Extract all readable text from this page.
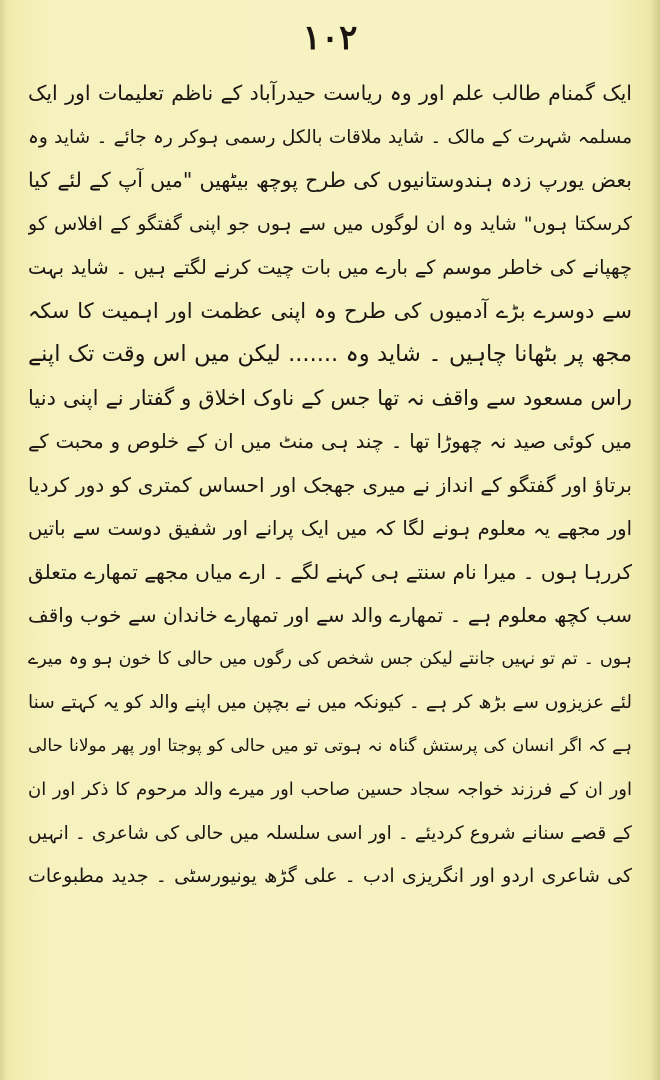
۱۰۲
ایک گمنام طالب علم اور وہ ریاست حیدرآباد کے ناظم تعلیمات اور ایک
مسلمہ شہرت کے مالک ۔ شاید ملاقات بالکل رسمی ہوکر رہ جائے ۔ شاید وہ
بعض یورپ زدہ ہندوستانیوں کی طرح پوچھ بیٹھیں "میں آپ کے لئے کیا
کرسکتا ہوں" شاید وہ ان لوگوں میں سے ہوں جو اپنی گفتگو کے افلاس کو
چھپانے کی خاطر موسم کے بارے میں بات چیت کرنے لگتے ہیں ۔ شاید بہت
سے دوسرے بڑے آدمیوں کی طرح وہ اپنی عظمت اور اہمیت کا سکہ
مجھ پر بٹھانا چاہیں ۔ شاید وہ ....... لیکن میں اس وقت تک اپنے
راس مسعود سے واقف نہ تھا جس کے ناوک اخلاق و گفتار نے اپنی دنیا
میں کوئی صید نہ چھوڑا تھا ۔ چند ہی منٹ میں ان کے خلوص و محبت کے
برتاؤ اور گفتگو کے انداز نے میری جھجک اور احساس کمتری کو دور کردیا
اور مجھے یہ معلوم ہونے لگا کہ میں ایک پرانے اور شفیق دوست سے باتیں
کررہا ہوں ۔ میرا نام سنتے ہی کہنے لگے ۔ ارے میاں مجھے تمھارے متعلق
سب کچھ معلوم ہے ۔ تمھارے والد سے اور تمھارے خاندان سے خوب واقف
ہوں ۔ تم تو نہیں جانتے لیکن جس شخص کی رگوں میں حالی کا خون ہو وہ میرے
لئے عزیزوں سے بڑھ کر ہے ۔ کیونکہ میں نے بچپن میں اپنے والد کو یہ کہتے سنا
ہے کہ اگر انسان کی پرستش گناہ نہ ہوتی تو میں حالی کو پوجتا اور پھر مولانا حالی
اور ان کے فرزند خواجہ سجاد حسین صاحب اور میرے والد مرحوم کا ذکر اور ان
کے قصے سنانے شروع کردیئے ۔ اور اسی سلسلہ میں حالی کی شاعری ۔ انہیں
کی شاعری اردو اور انگریزی ادب ۔ علی گڑھ یونیورسٹی ۔ جدید مطبوعات
